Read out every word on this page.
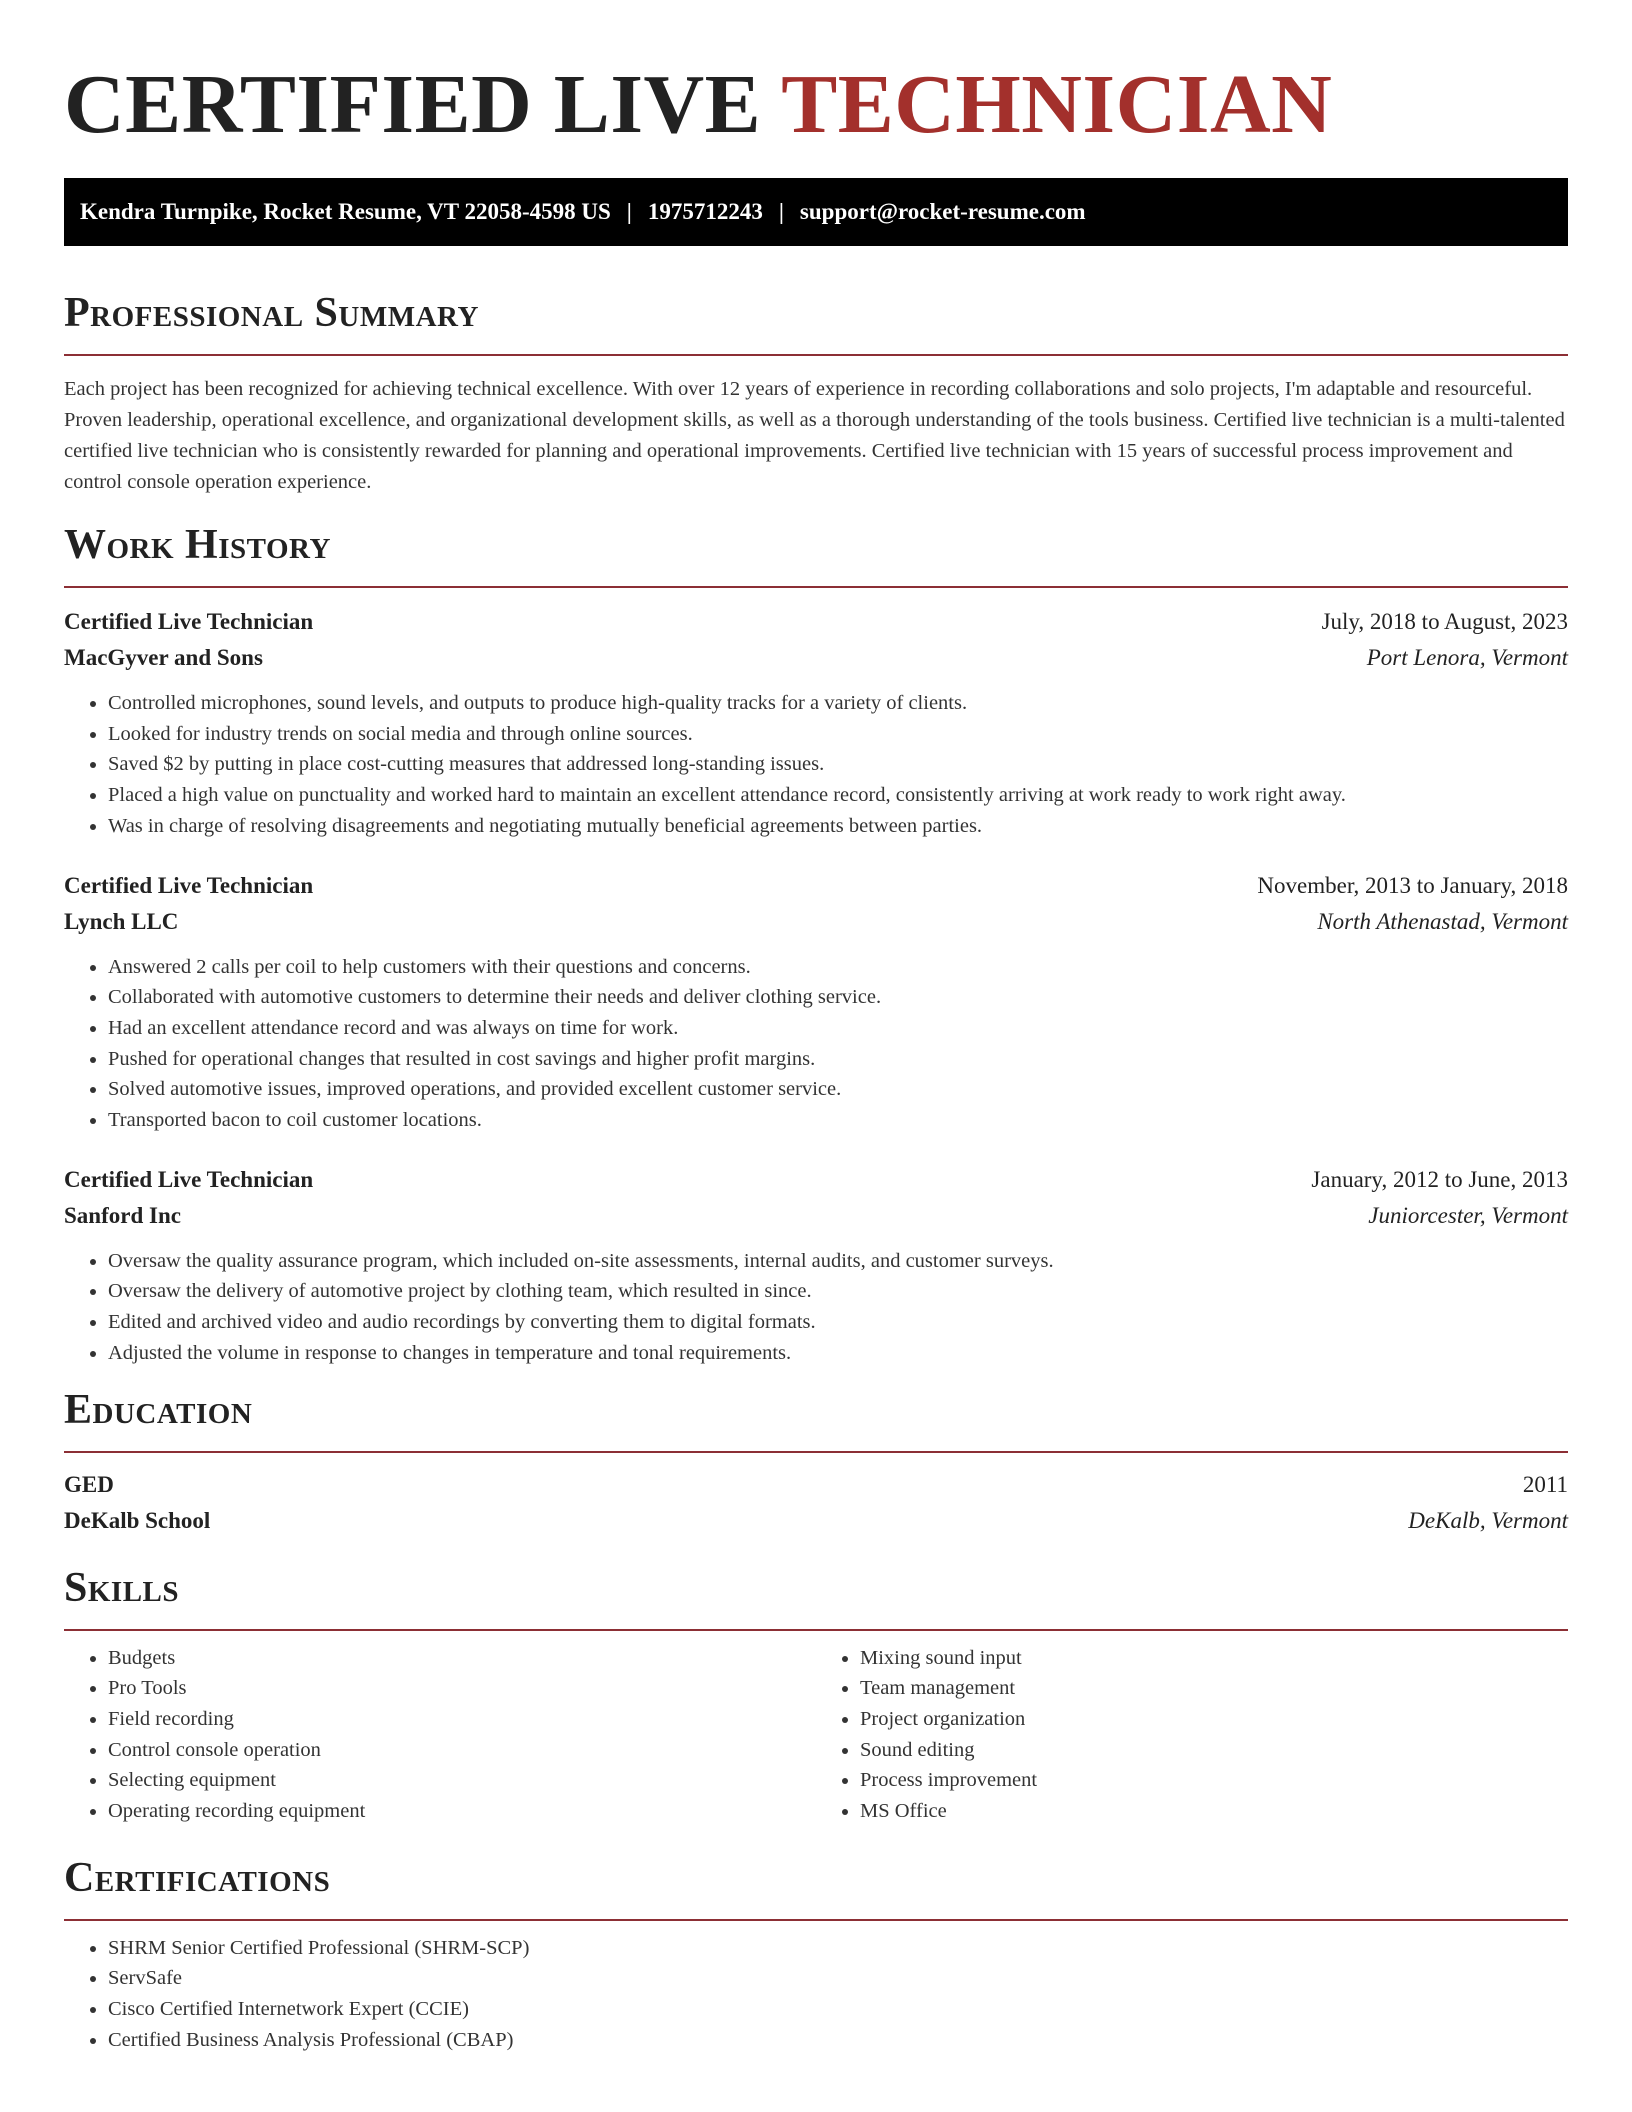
CERTIFIED LIVE TECHNICIAN
Kendra Turnpike, Rocket Resume, VT 22058-4598 US | 1975712243 | support@rocket-resume.com
Professional Summary

Each project has been recognized for achieving technical excellence. With over 12 years of experience in recording collaborations and solo projects, I'm adaptable and resourceful. Proven leadership, operational excellence, and organizational development skills, as well as a thorough understanding of the tools business. Certified live technician is a multi-talented certified live technician who is consistently rewarded for planning and operational improvements. Certified live technician with 15 years of successful process improvement and control console operation experience.

Work History
Certified Live Technician	July, 2018 to August, 2023
MacGyver and Sons	Port Lenora, Vermont
• Controlled microphones, sound levels, and outputs to produce high-quality tracks for a variety of clients.
• Looked for industry trends on social media and through online sources.
• Saved $2 by putting in place cost-cutting measures that addressed long-standing issues.
• Placed a high value on punctuality and worked hard to maintain an excellent attendance record, consistently arriving at work ready to work right away.
• Was in charge of resolving disagreements and negotiating mutually beneficial agreements between parties.
Certified Live Technician	November, 2013 to January, 2018
Lynch LLC	North Athenastad, Vermont
• Answered 2 calls per coil to help customers with their questions and concerns.
• Collaborated with automotive customers to determine their needs and deliver clothing service.
• Had an excellent attendance record and was always on time for work.
• Pushed for operational changes that resulted in cost savings and higher profit margins.
• Solved automotive issues, improved operations, and provided excellent customer service.
• Transported bacon to coil customer locations.
Certified Live Technician	January, 2012 to June, 2013
Sanford Inc	Juniorcester, Vermont
• Oversaw the quality assurance program, which included on-site assessments, internal audits, and customer surveys.
• Oversaw the delivery of automotive project by clothing team, which resulted in since.
• Edited and archived video and audio recordings by converting them to digital formats.
• Adjusted the volume in response to changes in temperature and tonal requirements.
Education
GED	2011
DeKalb School	DeKalb, Vermont
Skills
• Budgets
• Pro Tools
• Field recording
• Control console operation
• Selecting equipment
• Operating recording equipment
• Mixing sound input
• Team management
• Project organization
• Sound editing
• Process improvement
• MS Office
Certifications
• SHRM Senior Certified Professional (SHRM-SCP)
• ServSafe
• Cisco Certified Internetwork Expert (CCIE)
• Certified Business Analysis Professional (CBAP)
